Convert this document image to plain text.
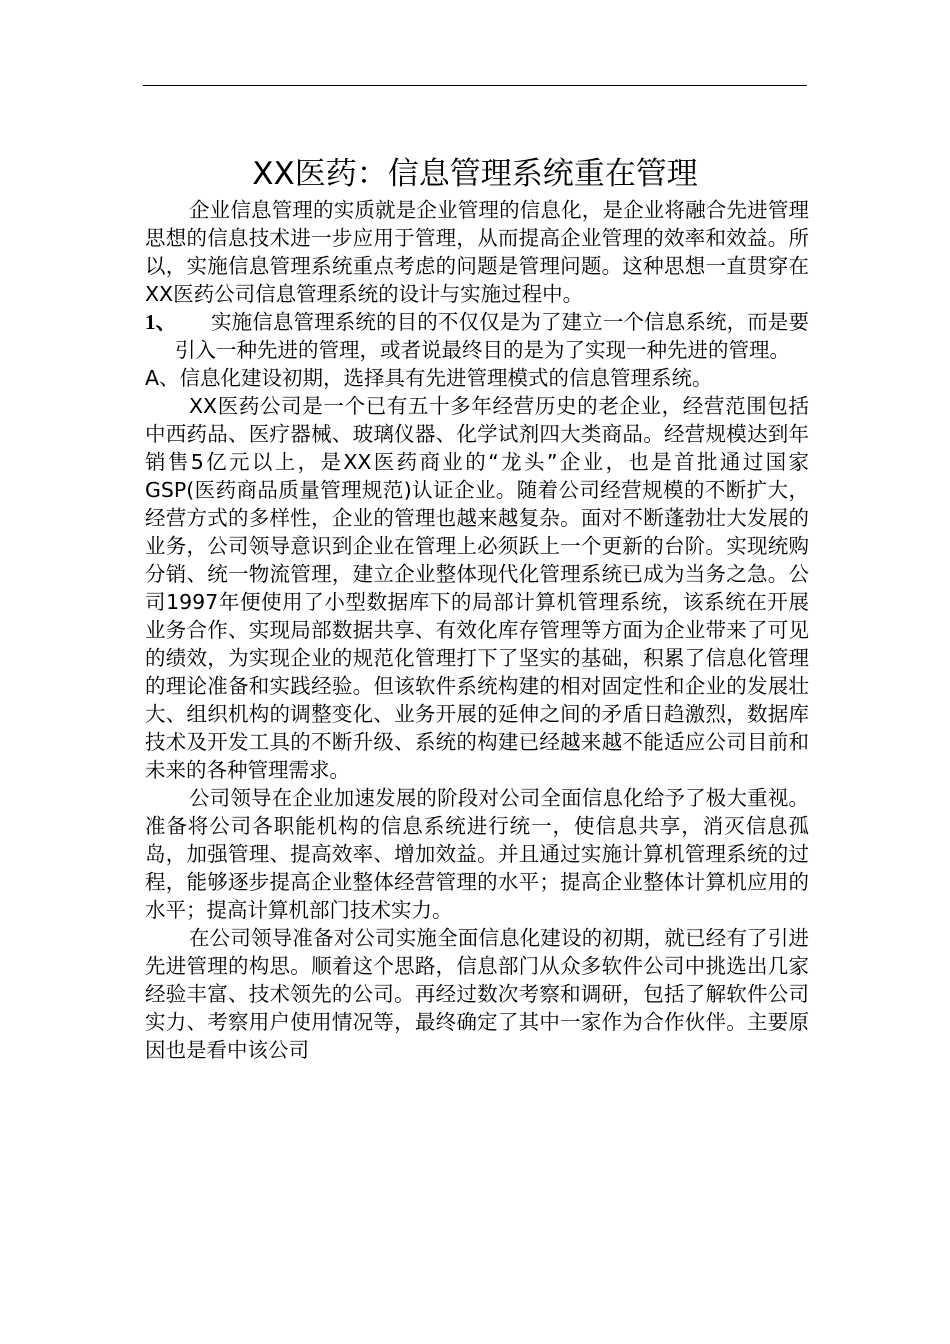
XX医药：信息管理系统重在管理

企业信息管理的实质就是企业管理的信息化，是企业将融合先进管理思想的信息技术进一步应用于管理，从而提高企业管理的效率和效益。所以，实施信息管理系统重点考虑的问题是管理问题。这种思想一直贯穿在XX医药公司信息管理系统的设计与实施过程中。

1、	实施信息管理系统的目的不仅仅是为了建立一个信息系统，而是要引入一种先进的管理，或者说最终目的是为了实现一种先进的管理。

A、信息化建设初期，选择具有先进管理模式的信息管理系统。

XX医药公司是一个已有五十多年经营历史的老企业，经营范围包括中西药品、医疗器械、玻璃仪器、化学试剂四大类商品。经营规模达到年销售5亿元以上，是XX医药商业的“龙头”企业，也是首批通过国家GSP(医药商品质量管理规范)认证企业。随着公司经营规模的不断扩大，经营方式的多样性，企业的管理也越来越复杂。面对不断蓬勃壮大发展的业务，公司领导意识到企业在管理上必须跃上一个更新的台阶。实现统购分销、统一物流管理，建立企业整体现代化管理系统已成为当务之急。公司1997年便使用了小型数据库下的局部计算机管理系统，该系统在开展业务合作、实现局部数据共享、有效化库存管理等方面为企业带来了可见的绩效，为实现企业的规范化管理打下了坚实的基础，积累了信息化管理的理论准备和实践经验。但该软件系统构建的相对固定性和企业的发展壮大、组织机构的调整变化、业务开展的延伸之间的矛盾日趋激烈，数据库技术及开发工具的不断升级、系统的构建已经越来越不能适应公司目前和未来的各种管理需求。

公司领导在企业加速发展的阶段对公司全面信息化给予了极大重视。准备将公司各职能机构的信息系统进行统一，使信息共享，消灭信息孤岛，加强管理、提高效率、增加效益。并且通过实施计算机管理系统的过程，能够逐步提高企业整体经营管理的水平；提高企业整体计算机应用的水平；提高计算机部门技术实力。

在公司领导准备对公司实施全面信息化建设的初期，就已经有了引进先进管理的构思。顺着这个思路，信息部门从众多软件公司中挑选出几家经验丰富、技术领先的公司。再经过数次考察和调研，包括了解软件公司实力、考察用户使用情况等，最终确定了其中一家作为合作伙伴。主要原因也是看中该公司
